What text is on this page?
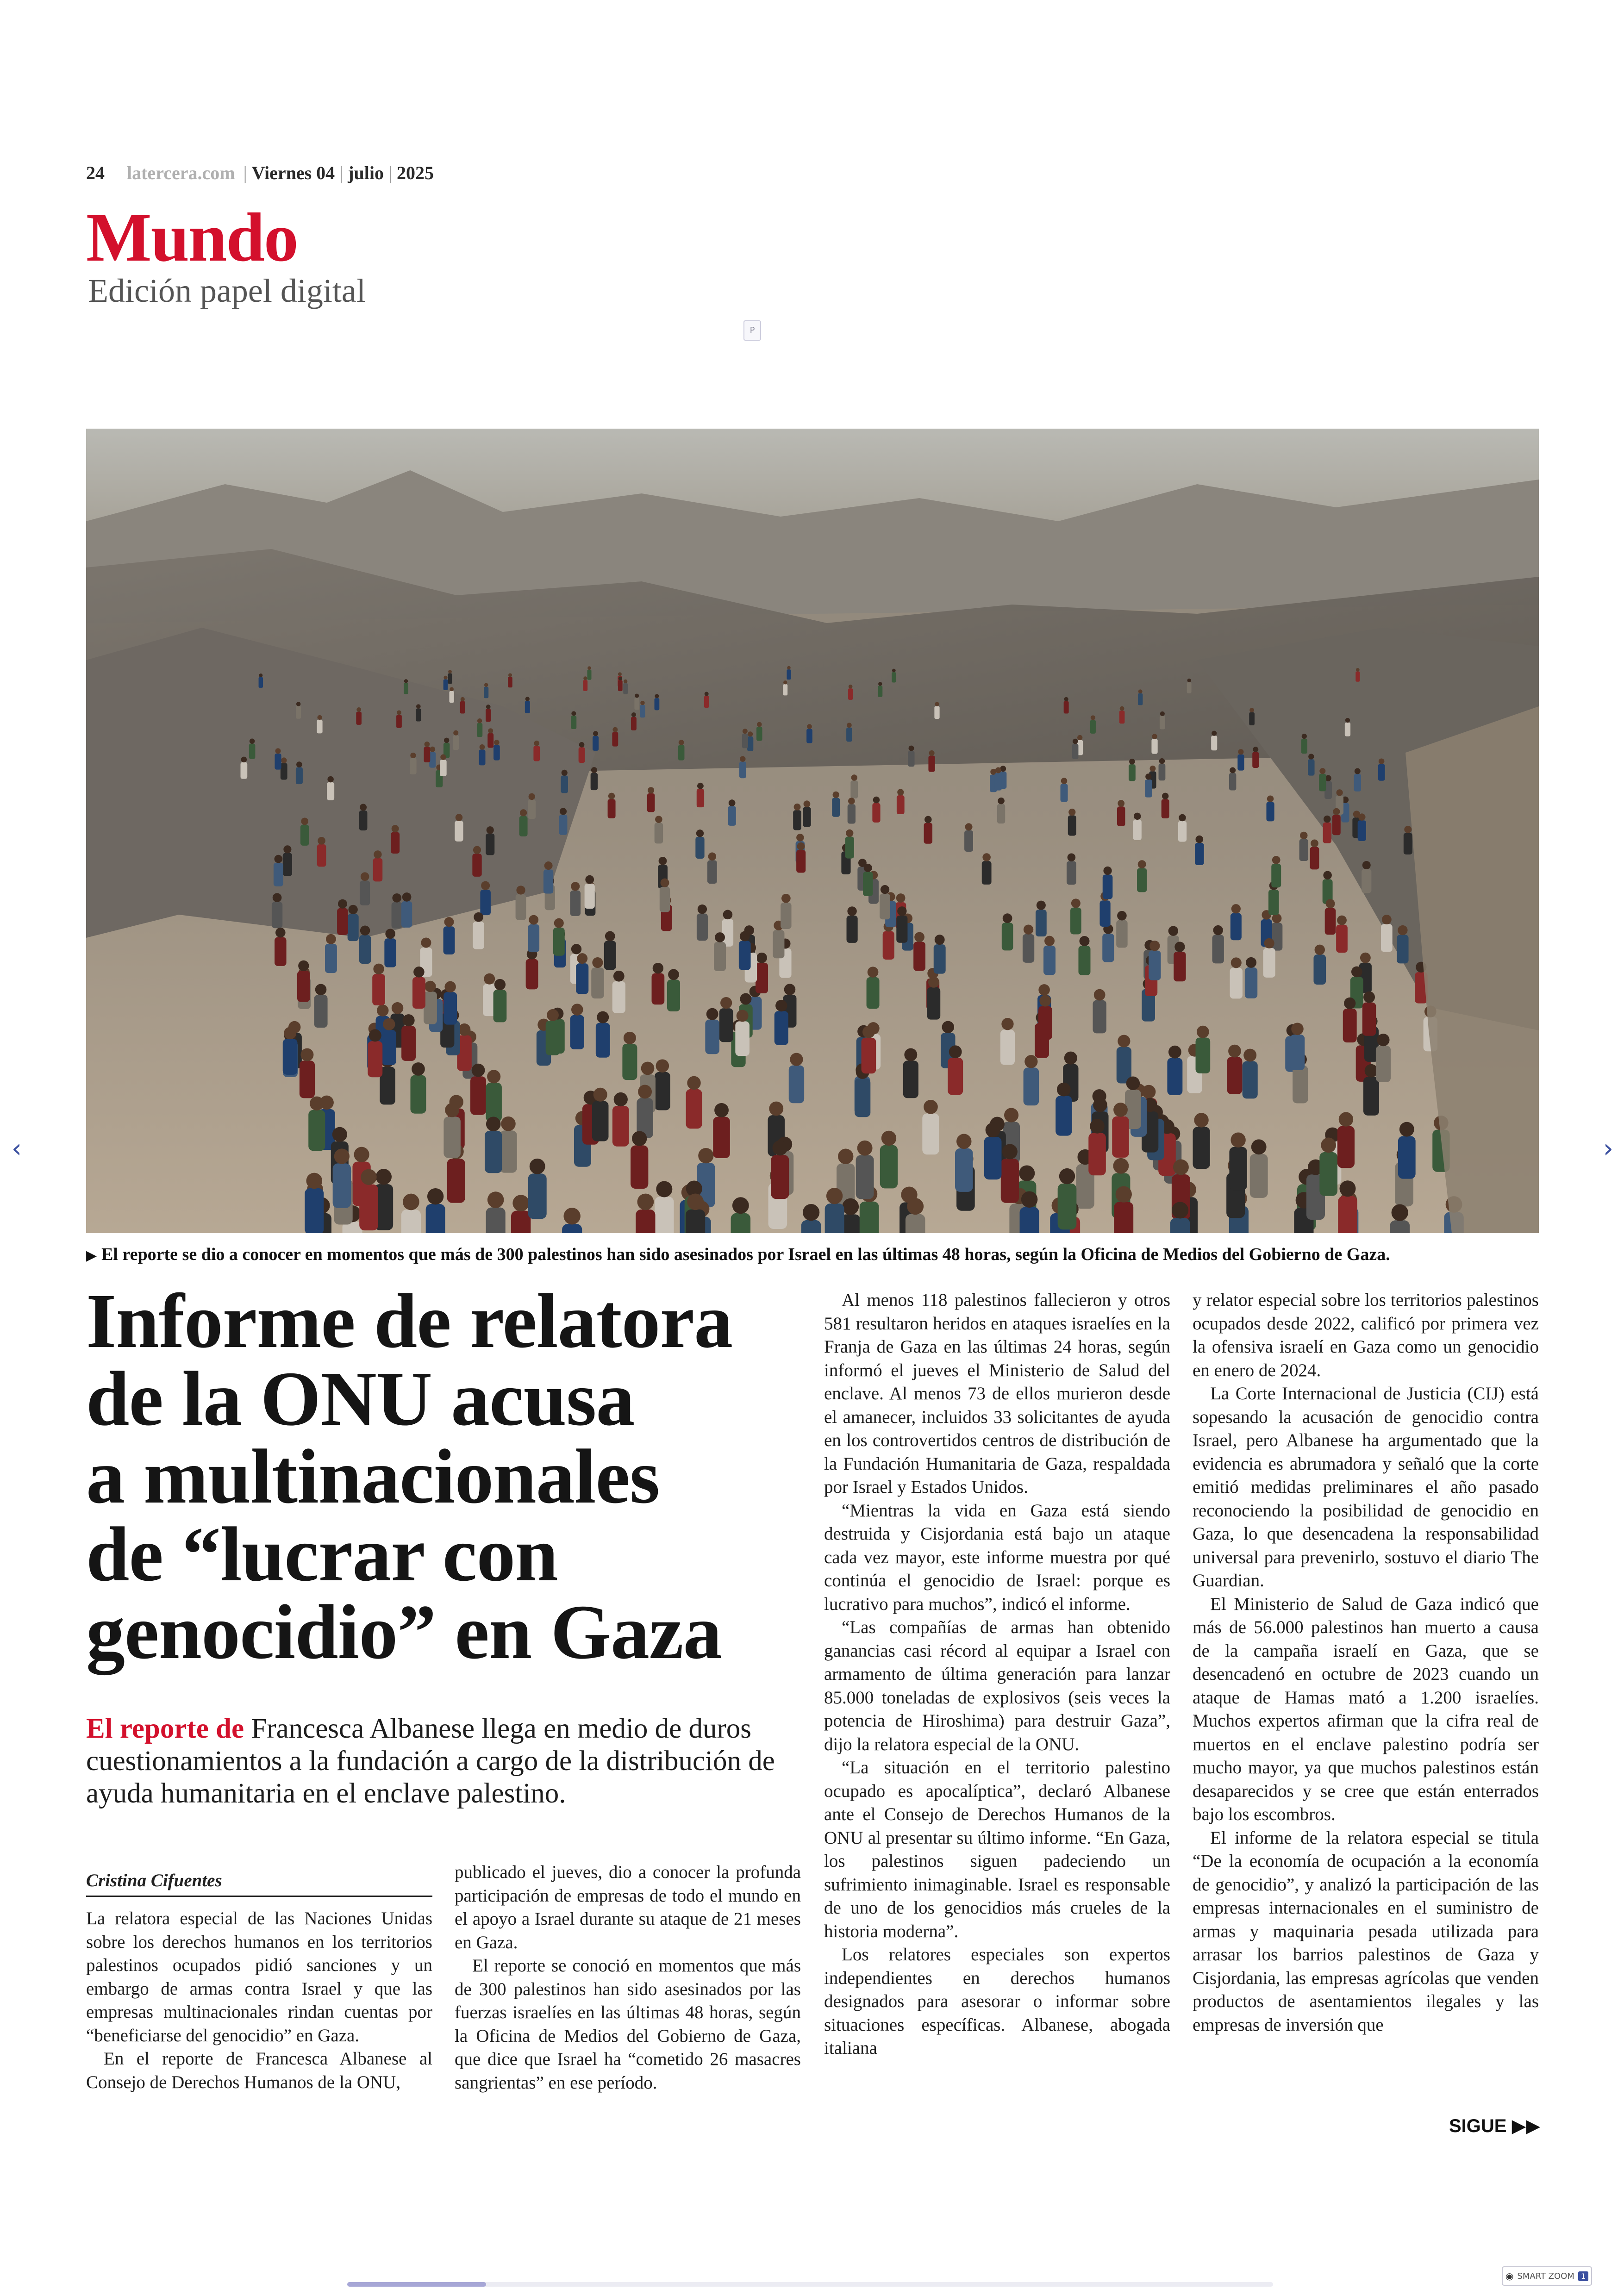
24 latercera.com | Viernes 04 | julio | 2025
Mundo
Edición papel digital
P
▶ El reporte se dio a conocer en momentos que más de 300 palestinos han sido asesinados por Israel en las últimas 48 horas, según la Oficina de Medios del Gobierno de Gaza.
Informe de relatora
de la ONU acusa
a multinacionales
de “lucrar con
genocidio” en Gaza
El reporte de Francesca Albanese llega en medio de duros cuestionamientos a la fundación a cargo de la distribución de ayuda humanitaria en el enclave palestino.
Cristina Cifuentes

La relatora especial de las Naciones Unidas sobre los derechos humanos en los territorios palestinos ocupados pidió sanciones y un embargo de armas contra Israel y que las empresas multinacionales rindan cuentas por “beneficiarse del genocidio” en Gaza.

En el reporte de Francesca Albanese al Consejo de Derechos Humanos de la ONU,

publicado el jueves, dio a conocer la profunda participación de empresas de todo el mundo en el apoyo a Israel durante su ataque de 21 meses en Gaza.

El reporte se conoció en momentos que más de 300 palestinos han sido asesinados por las fuerzas israelíes en las últimas 48 horas, según la Oficina de Medios del Gobierno de Gaza, que dice que Israel ha “cometido 26 masacres sangrientas” en ese período.

Al menos 118 palestinos fallecieron y otros 581 resultaron heridos en ataques israelíes en la Franja de Gaza en las últimas 24 horas, según informó el jueves el Ministerio de Salud del enclave. Al menos 73 de ellos murieron desde el amanecer, incluidos 33 solicitantes de ayuda en los controvertidos centros de distribución de la Fundación Humanitaria de Gaza, respaldada por Israel y Estados Unidos.

“Mientras la vida en Gaza está siendo destruida y Cisjordania está bajo un ataque cada vez mayor, este informe muestra por qué continúa el genocidio de Israel: porque es lucrativo para muchos”, indicó el informe.

“Las compañías de armas han obtenido ganancias casi récord al equipar a Israel con armamento de última generación para lanzar 85.000 toneladas de explosivos (seis veces la potencia de Hiroshima) para destruir Gaza”, dijo la relatora especial de la ONU.

“La situación en el territorio palestino ocupado es apocalíptica”, declaró Albanese ante el Consejo de Derechos Humanos de la ONU al presentar su último informe. “En Gaza, los palestinos siguen padeciendo un sufrimiento inimaginable. Israel es responsable de uno de los genocidios más crueles de la historia moderna”.

Los relatores especiales son expertos independientes en derechos humanos designados para asesorar o informar sobre situaciones específicas. Albanese, abogada italiana

y relator especial sobre los territorios palestinos ocupados desde 2022, calificó por primera vez la ofensiva israelí en Gaza como un genocidio en enero de 2024.

La Corte Internacional de Justicia (CIJ) está sopesando la acusación de genocidio contra Israel, pero Albanese ha argumentado que la evidencia es abrumadora y señaló que la corte emitió medidas preliminares el año pasado reconociendo la posibilidad de genocidio en Gaza, lo que desencadena la responsabilidad universal para prevenirlo, sostuvo el diario The Guardian.

El Ministerio de Salud de Gaza indicó que más de 56.000 palestinos han muerto a causa de la campaña israelí en Gaza, que se desencadenó en octubre de 2023 cuando un ataque de Hamas mató a 1.200 israelíes. Muchos expertos afirman que la cifra real de muertos en el enclave palestino podría ser mucho mayor, ya que muchos palestinos están desaparecidos y se cree que están enterrados bajo los escombros.

El informe de la relatora especial se titula “De la economía de ocupación a la economía de genocidio”, y analizó la participación de las empresas internacionales en el suministro de armas y maquinaria pesada utilizada para arrasar los barrios palestinos de Gaza y Cisjordania, las empresas agrícolas que venden productos de asentamientos ilegales y las empresas de inversión que

SIGUE ▶▶
‹	›
◉ SMART ZOOM 1
